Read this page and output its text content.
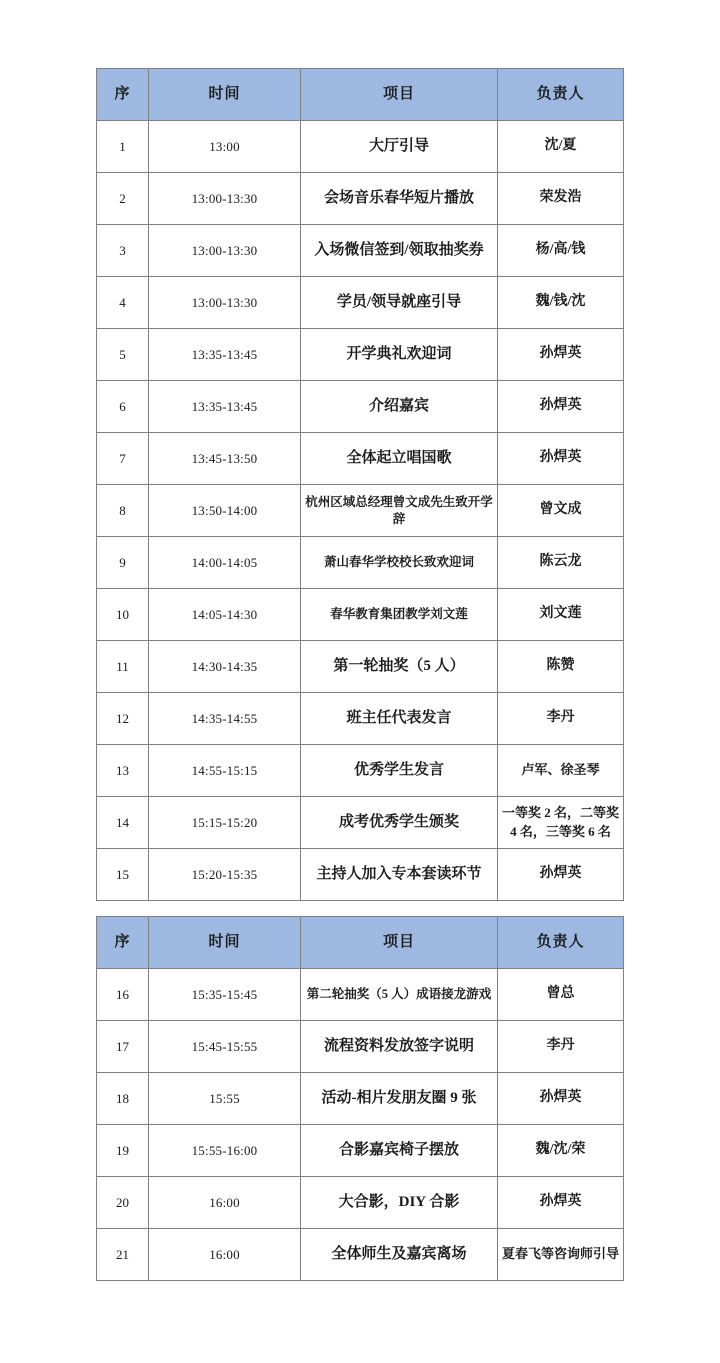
序	时间	项目	负责人
1	13:00	大厅引导	沈/夏
2	13:00-13:30	会场音乐春华短片播放	荣发浩
3	13:00-13:30	入场微信签到/领取抽奖券	杨/高/钱
4	13:00-13:30	学员/领导就座引导	魏/钱/沈
5	13:35-13:45	开学典礼欢迎词	孙焊英
6	13:35-13:45	介绍嘉宾	孙焊英
7	13:45-13:50	全体起立唱国歌	孙焊英
8	13:50-14:00	杭州区域总经理曾文成先生致开学辞	曾文成
9	14:00-14:05	萧山春华学校校长致欢迎词	陈云龙
10	14:05-14:30	春华教育集团教学刘文莲	刘文莲
11	14:30-14:35	第一轮抽奖（5 人）	陈赞
12	14:35-14:55	班主任代表发言	李丹
13	14:55-15:15	优秀学生发言	卢军、徐圣琴
14	15:15-15:20	成考优秀学生颁奖	一等奖 2 名，二等奖 4 名，三等奖 6 名
15	15:20-15:35	主持人加入专本套读环节	孙焊英
序	时间	项目	负责人
16	15:35-15:45	第二轮抽奖（5 人）成语接龙游戏	曾总
17	15:45-15:55	流程资料发放签字说明	李丹
18	15:55	活动-相片发朋友圈 9 张	孙焊英
19	15:55-16:00	合影嘉宾椅子摆放	魏/沈/荣
20	16:00	大合影，DIY 合影	孙焊英
21	16:00	全体师生及嘉宾离场	夏春飞等咨询师引导
